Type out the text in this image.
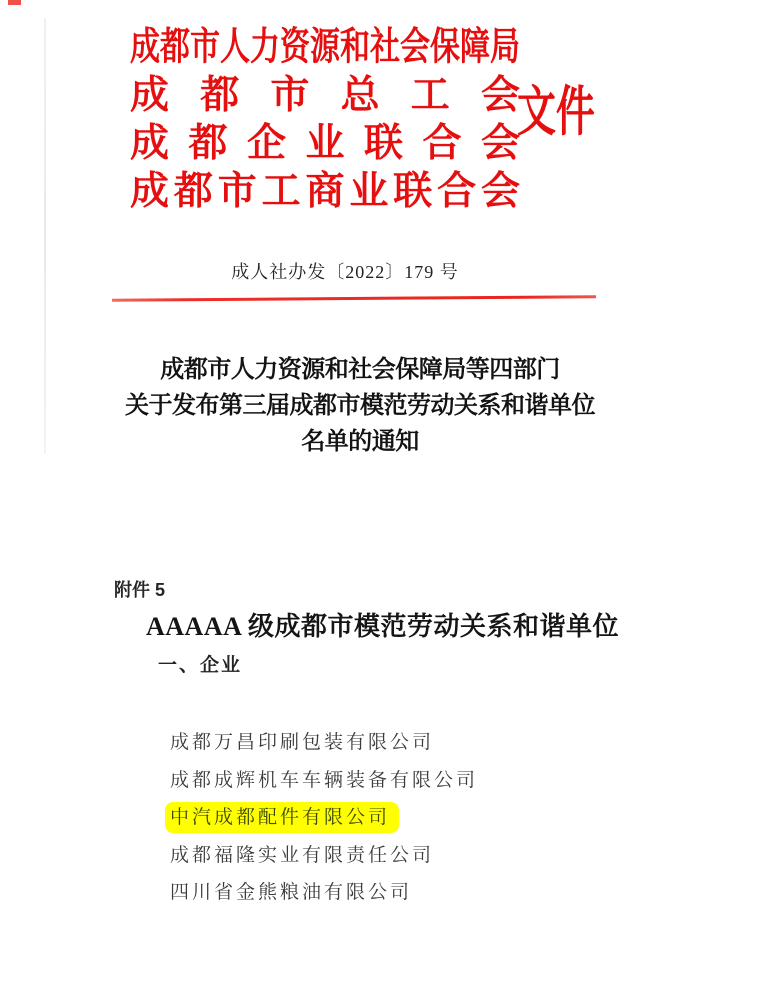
成都市人力资源和社会保障局
成都市总工会
成都企业联合会
成都市工商业联合会
文件
成人社办发〔2022〕179 号
成都市人力资源和社会保障局等四部门
关于发布第三届成都市模范劳动关系和谐单位
名单的通知
附件 5
AAAAA 级成都市模范劳动关系和谐单位
一、企业
成都万昌印刷包装有限公司
成都成辉机车车辆装备有限公司
中汽成都配件有限公司
成都福隆实业有限责任公司
四川省金熊粮油有限公司
